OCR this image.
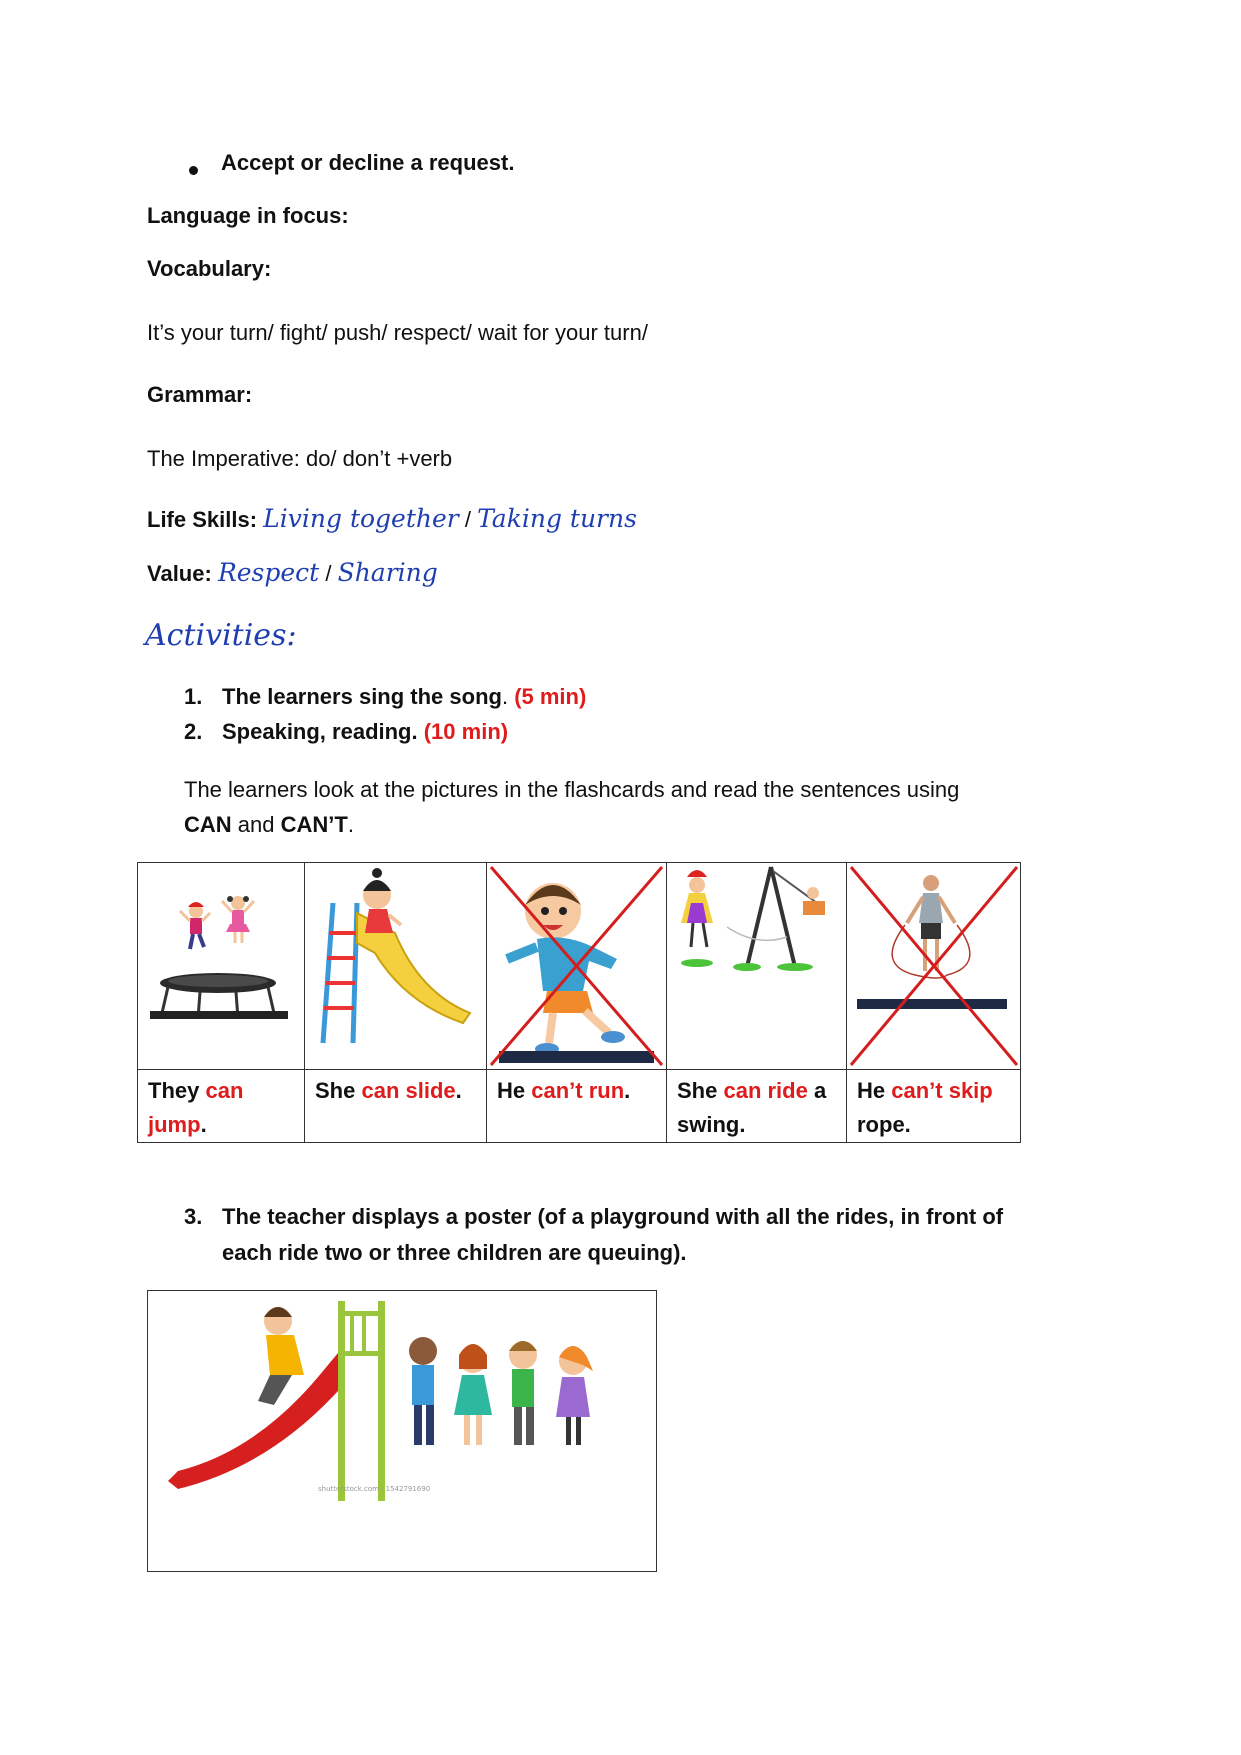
Accept or decline a request.
Language in focus:
Vocabulary:
It’s your turn/ fight/ push/ respect/ wait for your turn/
Grammar:
The Imperative: do/ don’t +verb
Life Skills: Living together / Taking turns
Value: Respect / Sharing
Activities:
1. The learners sing the song. (5 min)
2. Speaking, reading. (10 min)
The learners look at the pictures in the flashcards and read the sentences using
CAN and CAN’T.

They can
jump.	She can slide.	He can’t run.	She can ride a
swing.	He can’t skip
rope.
3. The teacher displays a poster (of a playground with all the rides, in front of
each ride two or three children are queuing).
shutterstock.com · 1542791690
